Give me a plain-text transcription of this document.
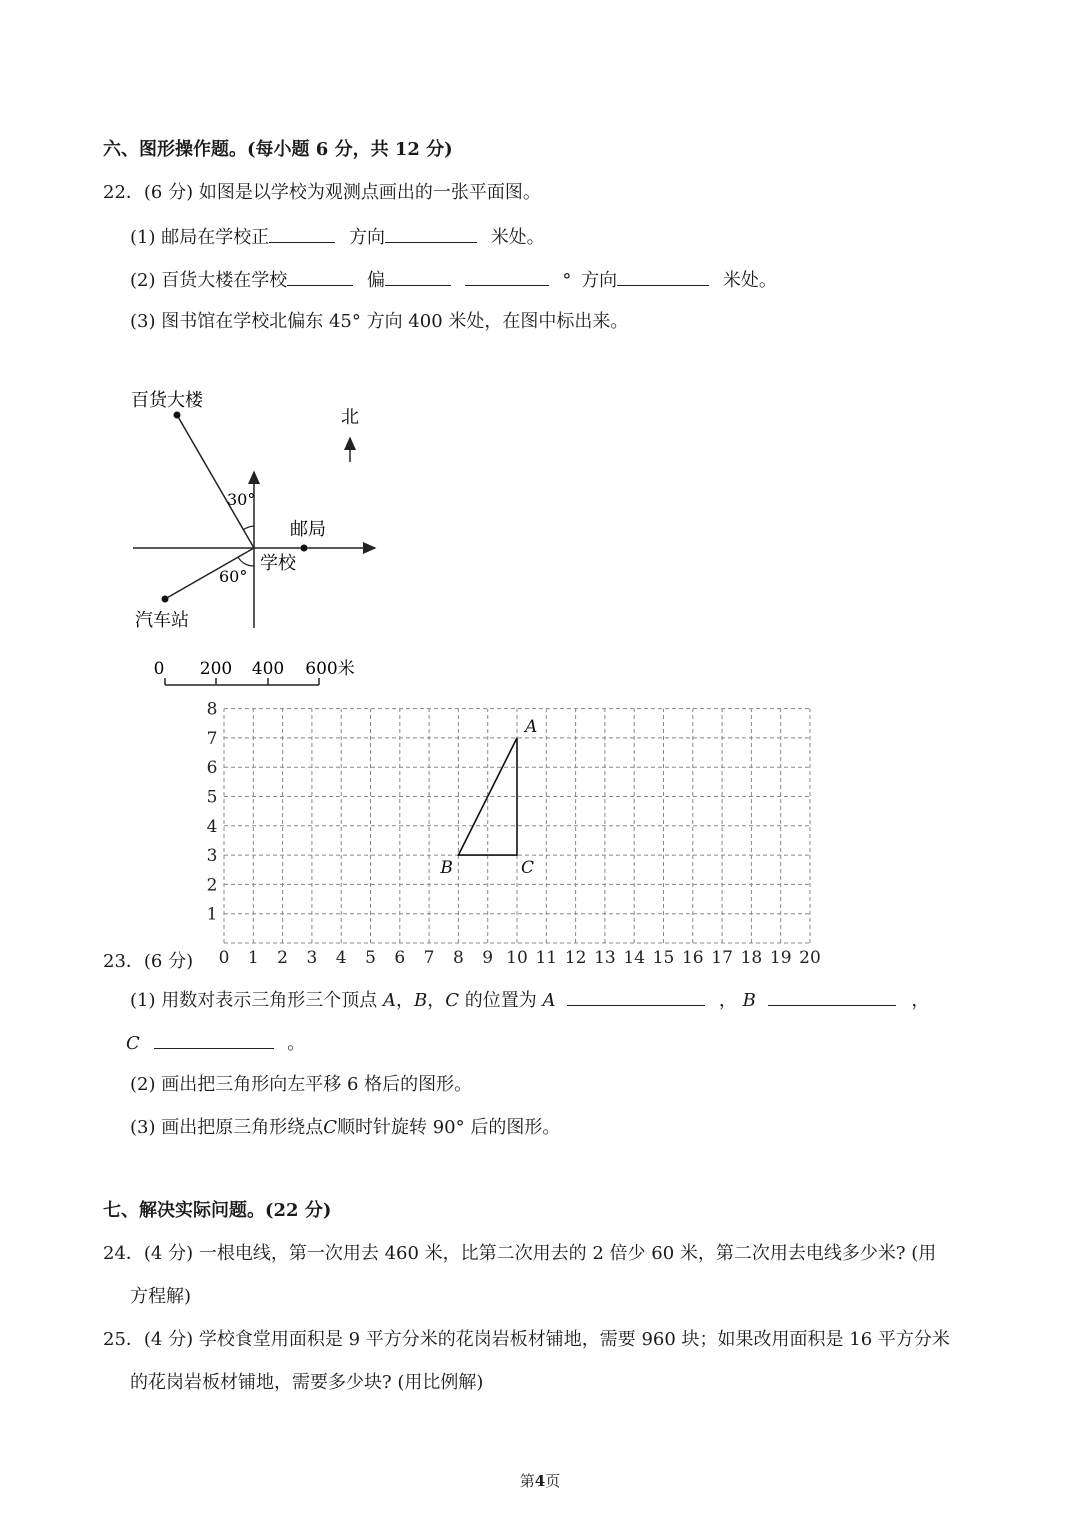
六、图形操作题。(每小题 6 分，共 12 分)
22．(6 分) 如图是以学校为观测点画出的一张平面图。
(1) 邮局在学校正	方向	米处。
(2) 百货大楼在学校	偏	° 方向	米处。
(3) 图书馆在学校北偏东 45° 方向 400 米处，在图中标出来。
北
百货大楼
30°
邮局
汽车站
60°
学校
0 200 400 600米
1
2
3
4
5
6
7
8
0 1 2 3 4 5 6 7 8 9 10 11 12 13 14 15 16 17 18 19 20
A
B	C
23．(6 分)
(1) 用数对表示三角形三个顶点 A，B，C 的位置为 A	， B	，
C	。
(2) 画出把三角形向左平移 6 格后的图形。
(3) 画出把原三角形绕点C顺时针旋转 90° 后的图形。
七、解决实际问题。(22 分)
24．(4 分) 一根电线，第一次用去 460 米，比第二次用去的 2 倍少 60 米，第二次用去电线多少米? (用
方程解)
25．(4 分) 学校食堂用面积是 9 平方分米的花岗岩板材铺地，需要 960 块；如果改用面积是 16 平方分米
的花岗岩板材铺地，需要多少块? (用比例解)
第4页
